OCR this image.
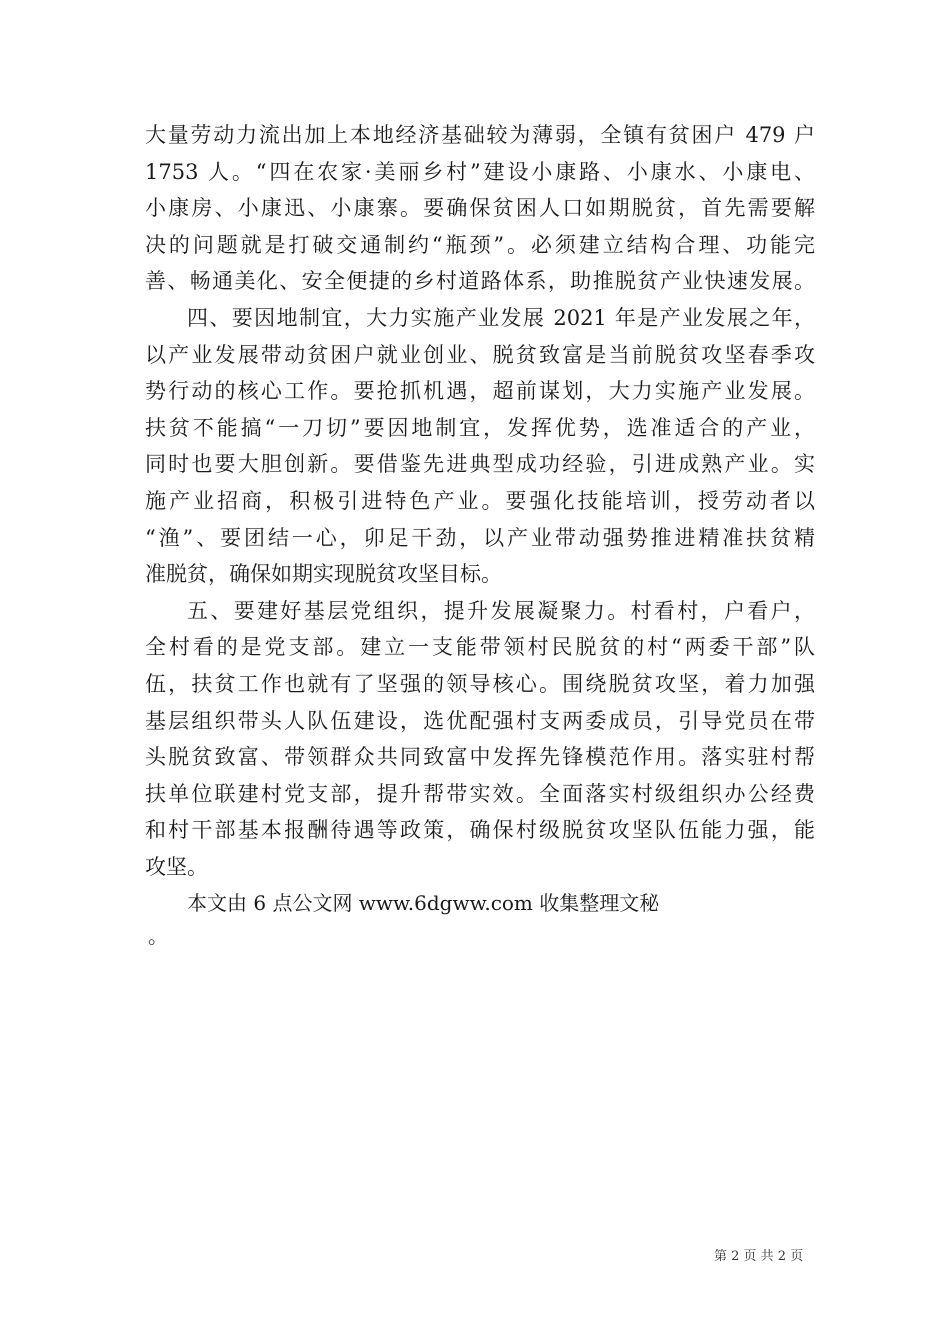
大量劳动力流出加上本地经济基础较为薄弱，全镇有贫困户 479 户
1753 人。“四在农家·美丽乡村”建设小康路、小康水、小康电、
小康房、小康迅、小康寨。要确保贫困人口如期脱贫，首先需要解
决的问题就是打破交通制约“瓶颈”。必须建立结构合理、功能完
善、畅通美化、安全便捷的乡村道路体系，助推脱贫产业快速发展。
四、要因地制宜，大力实施产业发展 2021 年是产业发展之年，
以产业发展带动贫困户就业创业、脱贫致富是当前脱贫攻坚春季攻
势行动的核心工作。要抢抓机遇，超前谋划，大力实施产业发展。
扶贫不能搞“一刀切”要因地制宜，发挥优势，选准适合的产业，
同时也要大胆创新。要借鉴先进典型成功经验，引进成熟产业。实
施产业招商，积极引进特色产业。要强化技能培训，授劳动者以
“渔”、要团结一心，卯足干劲，以产业带动强势推进精准扶贫精
准脱贫，确保如期实现脱贫攻坚目标。
五、要建好基层党组织，提升发展凝聚力。村看村，户看户，
全村看的是党支部。建立一支能带领村民脱贫的村“两委干部”队
伍，扶贫工作也就有了坚强的领导核心。围绕脱贫攻坚，着力加强
基层组织带头人队伍建设，选优配强村支两委成员，引导党员在带
头脱贫致富、带领群众共同致富中发挥先锋模范作用。落实驻村帮
扶单位联建村党支部，提升帮带实效。全面落实村级组织办公经费
和村干部基本报酬待遇等政策，确保村级脱贫攻坚队伍能力强，能
攻坚。
本文由 6 点公文网 www.6dgww.com 收集整理文秘
。
第 2 页 共 2 页
